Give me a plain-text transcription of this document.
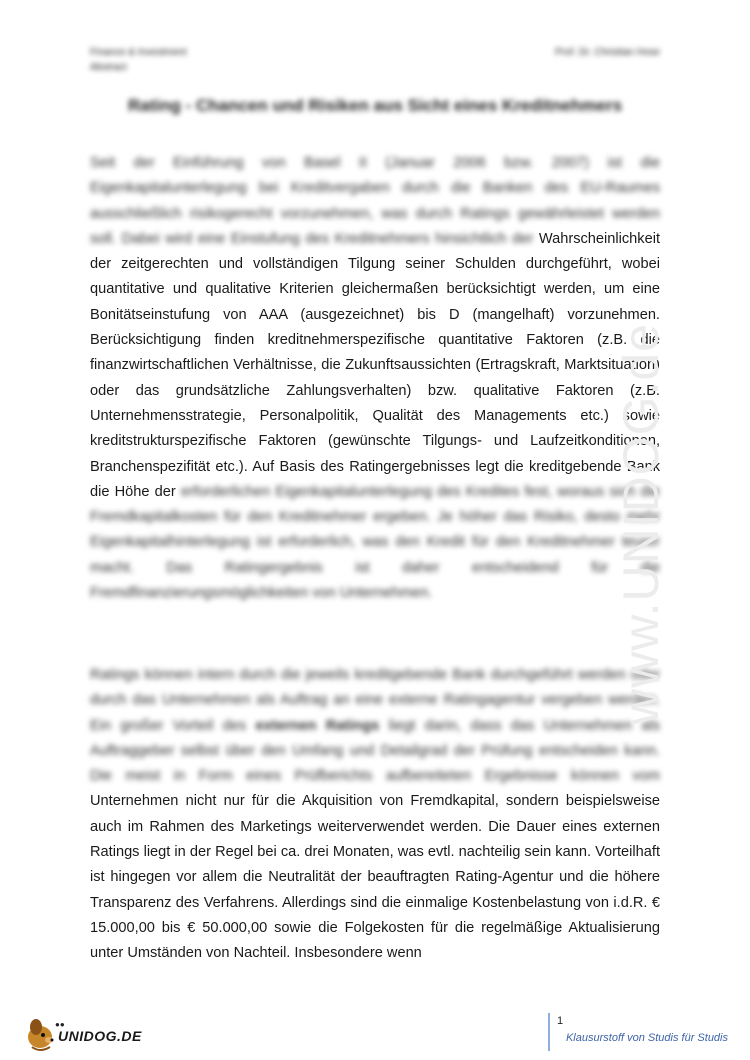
Finance & Investment
Abstract
Prof. Dr. Christian Hose
Rating - Chancen und Risiken aus Sicht eines Kreditnehmers

Seit der Einführung von Basel II (Januar 2006 bzw. 2007) ist die Eigenkapitalunterlegung bei Kreditvergaben durch die Banken des EU-Raumes ausschließlich risikogerecht vorzunehmen, was durch Ratings gewährleistet werden soll. Dabei wird eine Einstufung des Kreditnehmers hinsichtlich der Wahrscheinlichkeit der zeitgerechten und vollständigen Tilgung seiner Schulden durchgeführt, wobei quantitative und qualitative Kriterien gleichermaßen berücksichtigt werden, um eine Bonitätseinstufung von AAA (ausgezeichnet) bis D (mangelhaft) vorzunehmen. Berücksichtigung finden kreditnehmerspezifische quantitative Faktoren (z.B. die finanzwirtschaftlichen Verhältnisse, die Zukunftsaussichten (Ertragskraft, Marktsituation) oder das grundsätzliche Zahlungsverhalten) bzw. qualitative Faktoren (z.B. Unternehmensstrategie, Personalpolitik, Qualität des Managements etc.) sowie kreditstrukturspezifische Faktoren (gewünschte Tilgungs- und Laufzeitkonditionen, Branchenspezifität etc.). Auf Basis des Ratingergebnisses legt die kreditgebende Bank die Höhe der erforderlichen Eigenkapitalunterlegung des Kredites fest, woraus sich die Fremdkapitalkosten für den Kreditnehmer ergeben. Je höher das Risiko, desto mehr Eigenkapitalhinterlegung ist erforderlich, was den Kredit für den Kreditnehmer teurer macht. Das Ratingergebnis ist daher entscheidend für die Fremdfinanzierungsmöglichkeiten von Unternehmen.

Ratings können intern durch die jeweils kreditgebende Bank durchgeführt werden oder durch das Unternehmen als Auftrag an eine externe Ratingagentur vergeben werden. Ein großer Vorteil des externen Ratings liegt darin, dass das Unternehmen als Auftraggeber selbst über den Umfang und Detailgrad der Prüfung entscheiden kann. Die meist in Form eines Prüfberichts aufbereiteten Ergebnisse können vom Unternehmen nicht nur für die Akquisition von Fremdkapital, sondern beispielsweise auch im Rahmen des Marketings weiterverwendet werden. Die Dauer eines externen Ratings liegt in der Regel bei ca. drei Monaten, was evtl. nachteilig sein kann. Vorteilhaft ist hingegen vor allem die Neutralität der beauftragten Rating-Agentur und die höhere Transparenz des Verfahrens. Allerdings sind die einmalige Kostenbelastung von i.d.R. € 15.000,00 bis € 50.000,00 sowie die Folgekosten für die regelmäßige Aktualisierung unter Umständen von Nachteil. Insbesondere wenn

www.UNIDOG.de
●●
UNIDOG.DE
1
Klausurstoff von Studis für Studis
